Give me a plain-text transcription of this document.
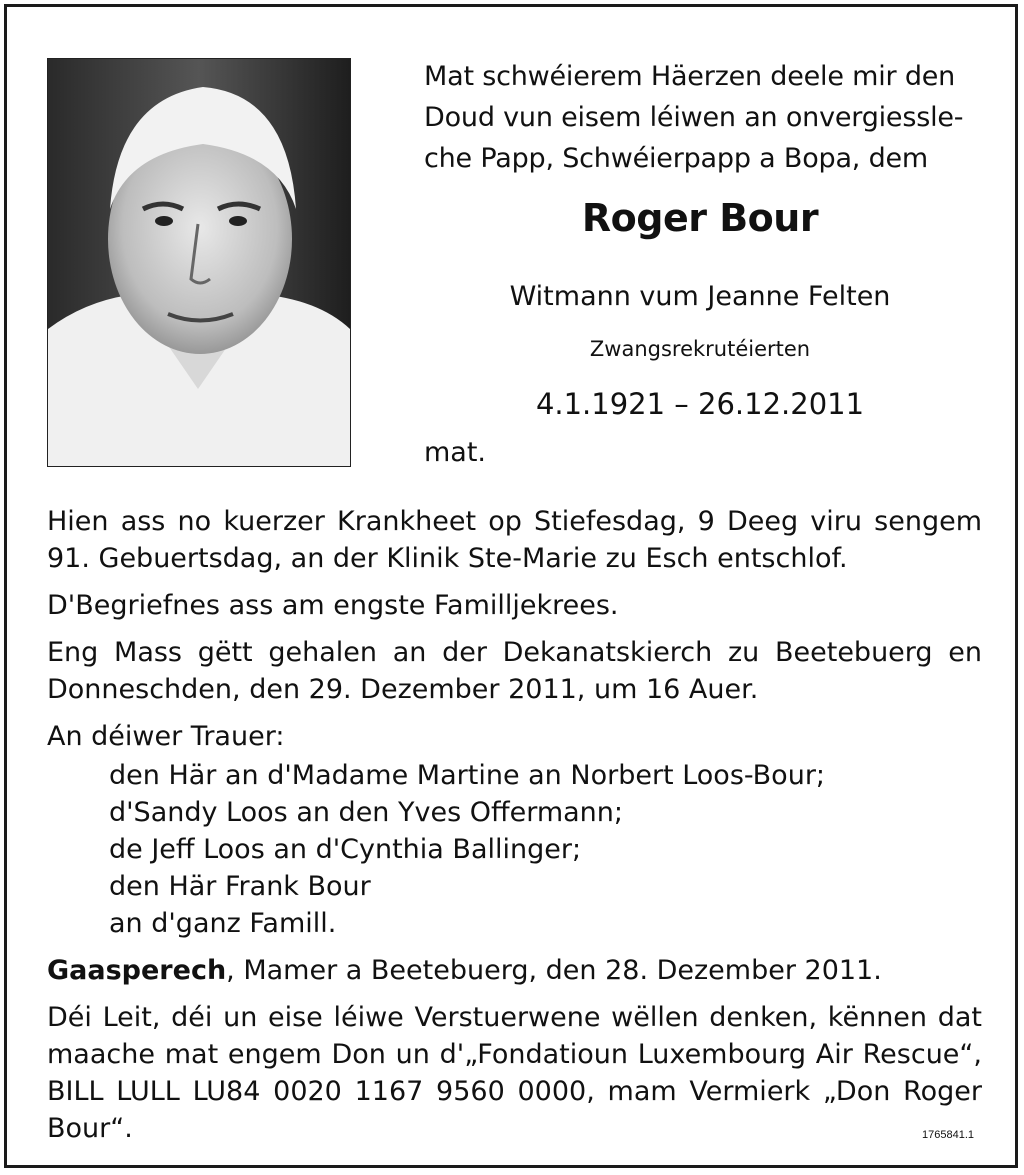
Mat schwéierem Häerzen deele mir den
Doud vun eisem léiwen an onvergiessle-
che Papp, Schwéierpapp a Bopa, dem
Roger Bour
Witmann vum Jeanne Felten
Zwangsrekrutéierten
4.1.1921 – 26.12.2011
mat.

Hien ass no kuerzer Krankheet op Stiefesdag, 9 Deeg viru sengem 91. Gebuertsdag, an der Klinik Ste-Marie zu Esch entschlof.

D'Begriefnes ass am engste Familljekrees.

Eng Mass gëtt gehalen an der Dekanatskierch zu Beetebuerg en Donneschden, den 29. Dezember 2011, um 16 Auer.

An déiwer Trauer:

den Här an d'Madame Martine an Norbert Loos-Bour;
d'Sandy Loos an den Yves Offermann;
de Jeff Loos an d'Cynthia Ballinger;
den Här Frank Bour
an d'ganz Famill.

Gaasperech, Mamer a Beetebuerg, den 28. Dezember 2011.

Déi Leit, déi un eise léiwe Verstuerwene wëllen denken, kënnen dat maache mat engem Don un d'„Fondatioun Luxembourg Air Rescue“, BILL LULL LU84 0020 1167 9560 0000, mam Vermierk „Don Roger Bour“.	1765841.1
